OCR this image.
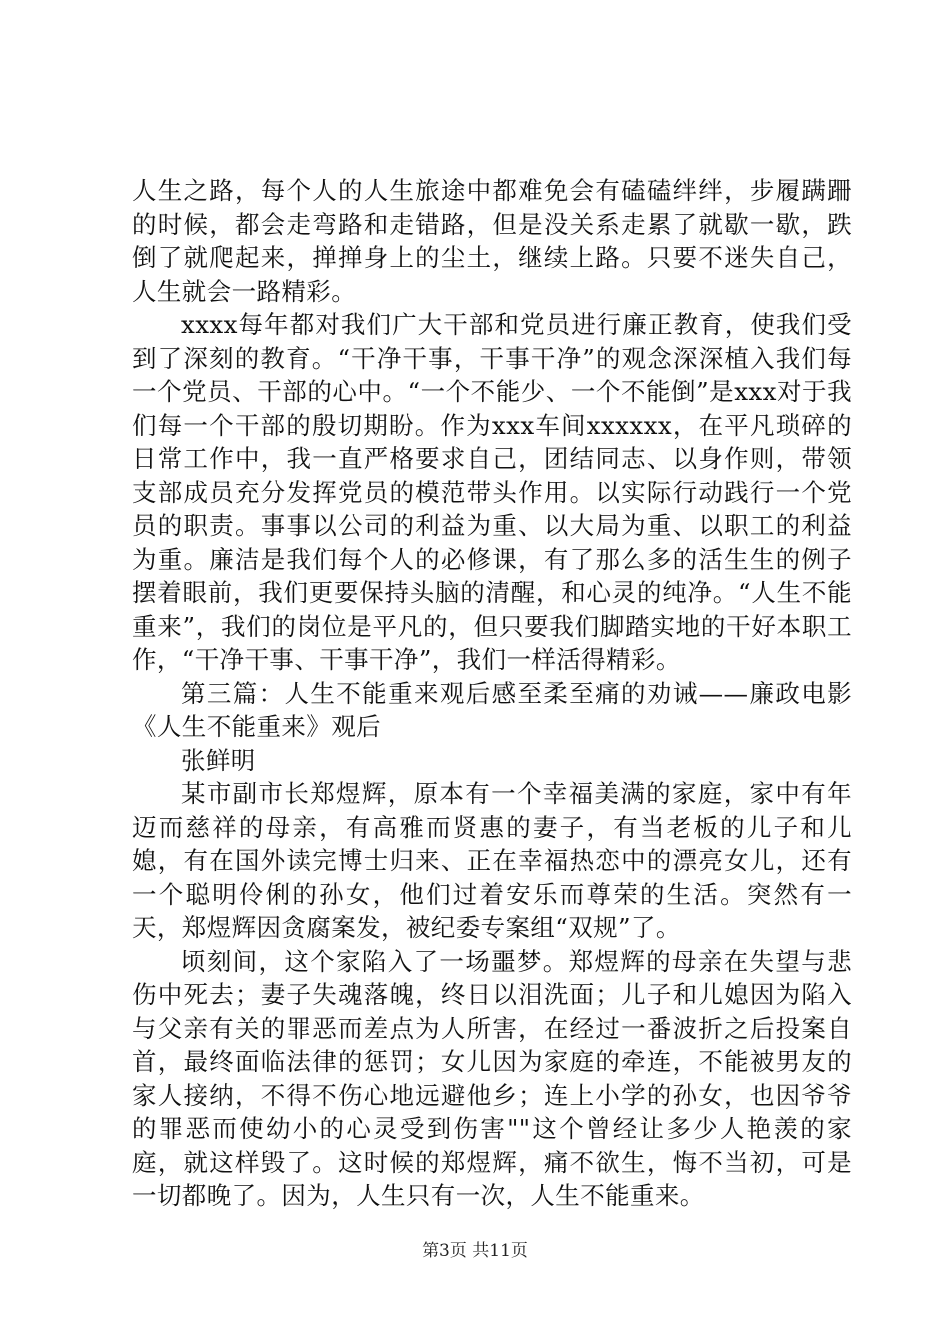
人生之路，每个人的人生旅途中都难免会有磕磕绊绊，步履蹒跚的时候，都会走弯路和走错路，但是没关系走累了就歇一歇，跌倒了就爬起来，掸掸身上的尘土，继续上路。只要不迷失自己，人生就会一路精彩。

xxxx每年都对我们广大干部和党员进行廉正教育，使我们受到了深刻的教育。“干净干事，干事干净”的观念深深植入我们每一个党员、干部的心中。“一个不能少、一个不能倒”是xxx对于我们每一个干部的殷切期盼。作为xxx车间xxxxxx，在平凡琐碎的日常工作中，我一直严格要求自己，团结同志、以身作则，带领支部成员充分发挥党员的模范带头作用。以实际行动践行一个党员的职责。事事以公司的利益为重、以大局为重、以职工的利益为重。廉洁是我们每个人的必修课，有了那么多的活生生的例子摆着眼前，我们更要保持头脑的清醒，和心灵的纯净。“人生不能重来”，我们的岗位是平凡的，但只要我们脚踏实地的干好本职工作，“干净干事、干事干净”，我们一样活得精彩。

第三篇：人生不能重来观后感至柔至痛的劝诫——廉政电影《人生不能重来》观后

张鲜明

某市副市长郑煜辉，原本有一个幸福美满的家庭，家中有年迈而慈祥的母亲，有高雅而贤惠的妻子，有当老板的儿子和儿媳，有在国外读完博士归来、正在幸福热恋中的漂亮女儿，还有一个聪明伶俐的孙女，他们过着安乐而尊荣的生活。突然有一天，郑煜辉因贪腐案发，被纪委专案组“双规”了。

顷刻间，这个家陷入了一场噩梦。郑煜辉的母亲在失望与悲伤中死去；妻子失魂落魄，终日以泪洗面；儿子和儿媳因为陷入与父亲有关的罪恶而差点为人所害，在经过一番波折之后投案自首，最终面临法律的惩罚；女儿因为家庭的牵连，不能被男友的家人接纳，不得不伤心地远避他乡；连上小学的孙女，也因爷爷的罪恶而使幼小的心灵受到伤害""这个曾经让多少人艳羡的家庭，就这样毁了。这时候的郑煜辉，痛不欲生，悔不当初，可是一切都晚了。因为，人生只有一次，人生不能重来。

第3页 共11页
